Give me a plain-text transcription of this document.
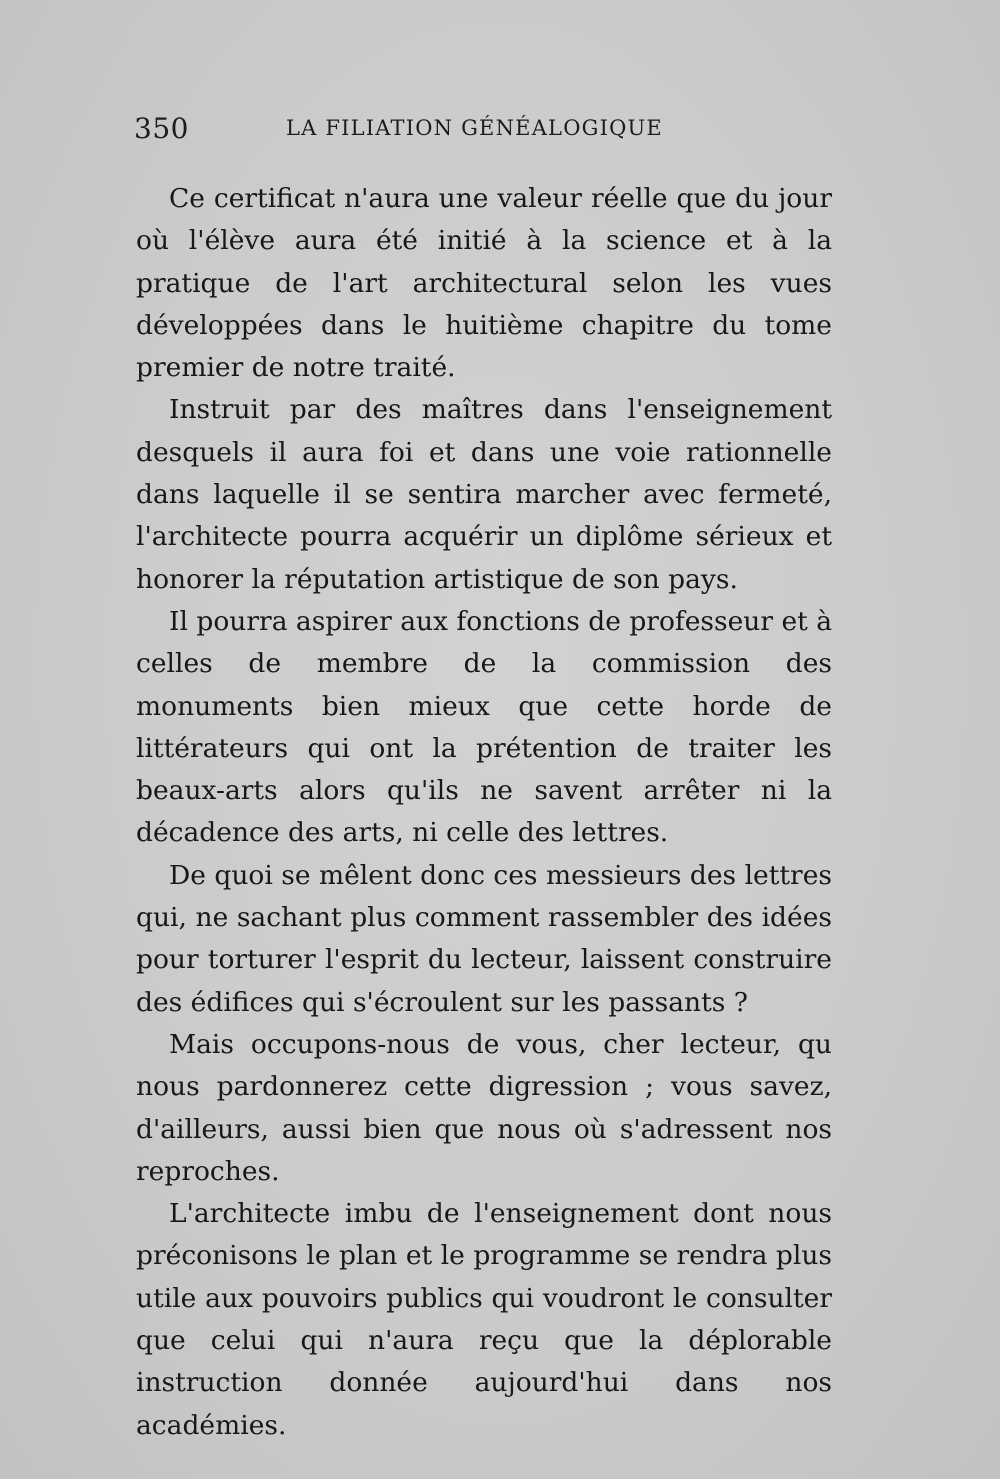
350	LA FILIATION GÉNÉALOGIQUE

Ce certificat n'aura une valeur réelle que du jour où l'élève aura été initié à la science et à la pratique de l'art architectural selon les vues développées dans le huitième chapitre du tome premier de notre traité.

Instruit par des maîtres dans l'enseignement desquels il aura foi et dans une voie rationnelle dans laquelle il se sentira marcher avec fermeté, l'architecte pourra acquérir un diplôme sérieux et honorer la réputation artistique de son pays.

Il pourra aspirer aux fonctions de professeur et à celles de membre de la commission des monuments bien mieux que cette horde de littérateurs qui ont la prétention de traiter les beaux-arts alors qu'ils ne savent arrêter ni la décadence des arts, ni celle des lettres.

De quoi se mêlent donc ces messieurs des lettres qui, ne sachant plus comment rassembler des idées pour torturer l'esprit du lecteur, laissent construire des édifices qui s'écroulent sur les passants ?

Mais occupons-nous de vous, cher lecteur, qu nous pardonnerez cette digression ; vous savez, d'ailleurs, aussi bien que nous où s'adressent nos reproches.

L'architecte imbu de l'enseignement dont nous préconisons le plan et le programme se rendra plus utile aux pouvoirs publics qui voudront le consulter que celui qui n'aura reçu que la déplorable instruction donnée aujourd'hui dans nos académies.
